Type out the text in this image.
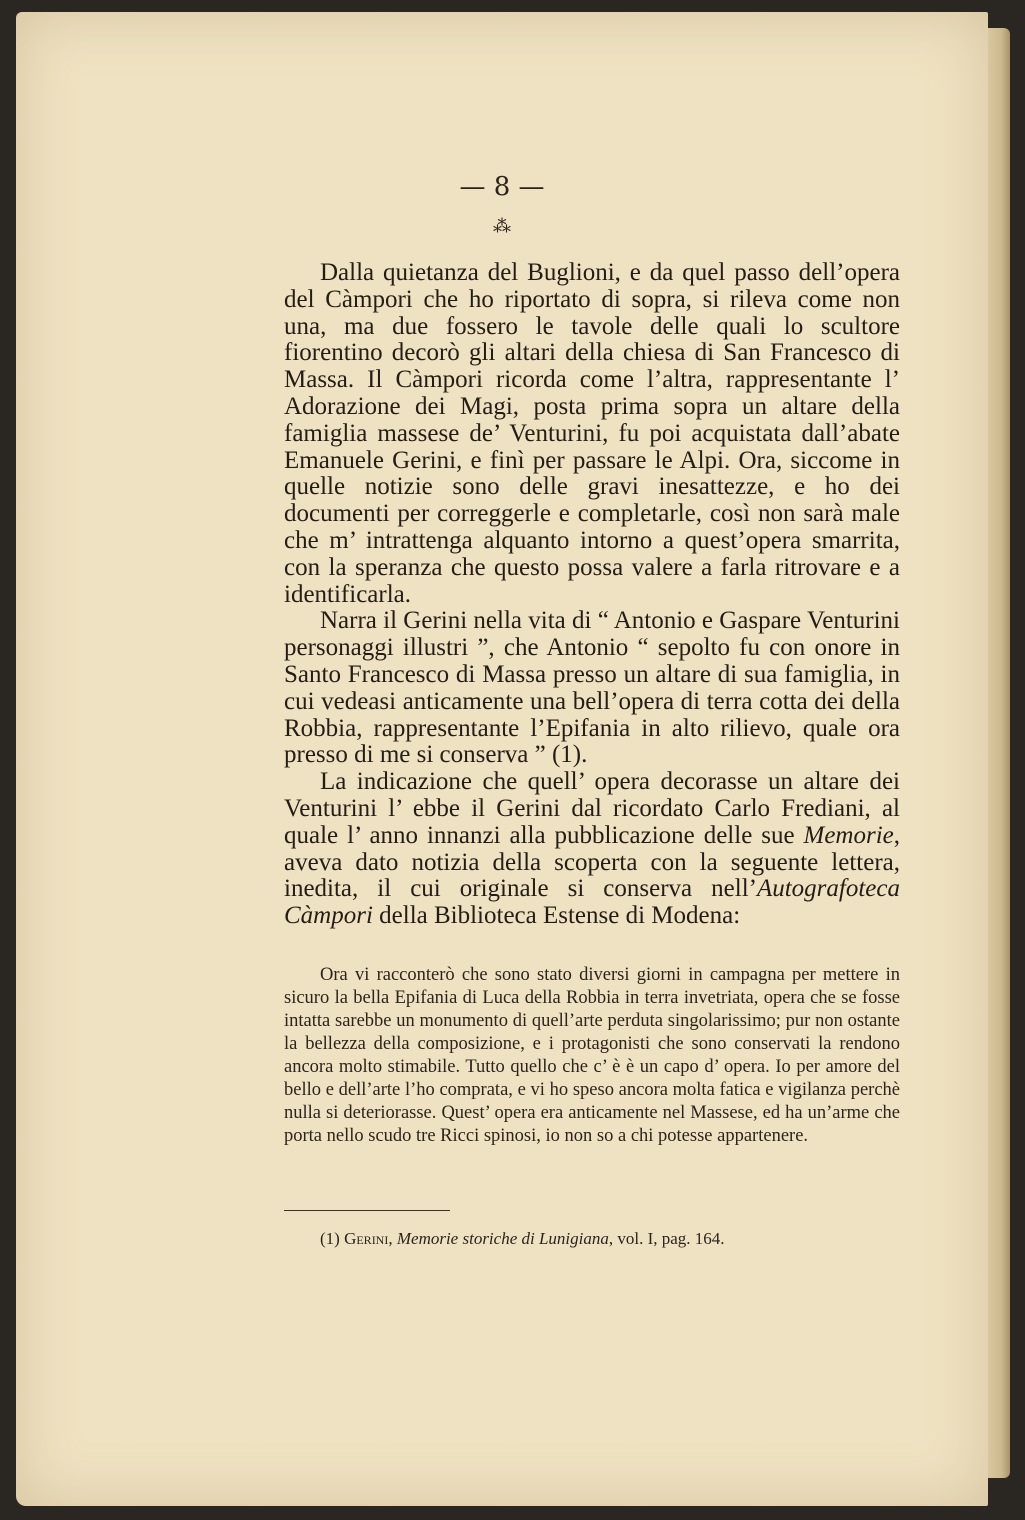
— 8 —

⁂

Dalla quietanza del Buglioni, e da quel passo dell’opera del Càmpori che ho riportato di sopra, si rileva come non una, ma due fossero le tavole delle quali lo scultore fiorentino decorò gli altari della chiesa di San Francesco di Massa. Il Càmpori ricorda come l’altra, rappresentante l’ Adorazione dei Magi, posta prima sopra un altare della famiglia massese de’ Venturini, fu poi acquistata dall’abate Emanuele Gerini, e finì per passare le Alpi. Ora, siccome in quelle notizie sono delle gravi inesattezze, e ho dei documenti per correggerle e completarle, così non sarà male che m’ intrattenga alquanto intorno a quest’opera smarrita, con la speranza che questo possa valere a farla ritrovare e a identificarla.

Narra il Gerini nella vita di “ Antonio e Gaspare Venturini personaggi illustri ”, che Antonio “ sepolto fu con onore in Santo Francesco di Massa presso un altare di sua famiglia, in cui vedeasi anticamente una bell’opera di terra cotta dei della Robbia, rappresentante l’Epifania in alto rilievo, quale ora presso di me si conserva ” (1).

La indicazione che quell’ opera decorasse un altare dei Venturini l’ ebbe il Gerini dal ricordato Carlo Frediani, al quale l’ anno innanzi alla pubblicazione delle sue Memorie, aveva dato notizia della scoperta con la seguente lettera, inedita, il cui originale si conserva nell’Autografoteca Càmpori della Biblioteca Estense di Modena:

Ora vi racconterò che sono stato diversi giorni in campagna per mettere in sicuro la bella Epifania di Luca della Robbia in terra invetriata, opera che se fosse intatta sarebbe un monumento di quell’arte perduta singolarissimo; pur non ostante la bellezza della composizione, e i protagonisti che sono conservati la rendono ancora molto stimabile. Tutto quello che c’ è è un capo d’ opera. Io per amore del bello e dell’arte l’ho comprata, e vi ho speso ancora molta fatica e vigilanza perchè nulla si deteriorasse. Quest’ opera era anticamente nel Massese, ed ha un’arme che porta nello scudo tre Ricci spinosi, io non so a chi potesse appartenere.

(1) Gerini, Memorie storiche di Lunigiana, vol. I, pag. 164.
